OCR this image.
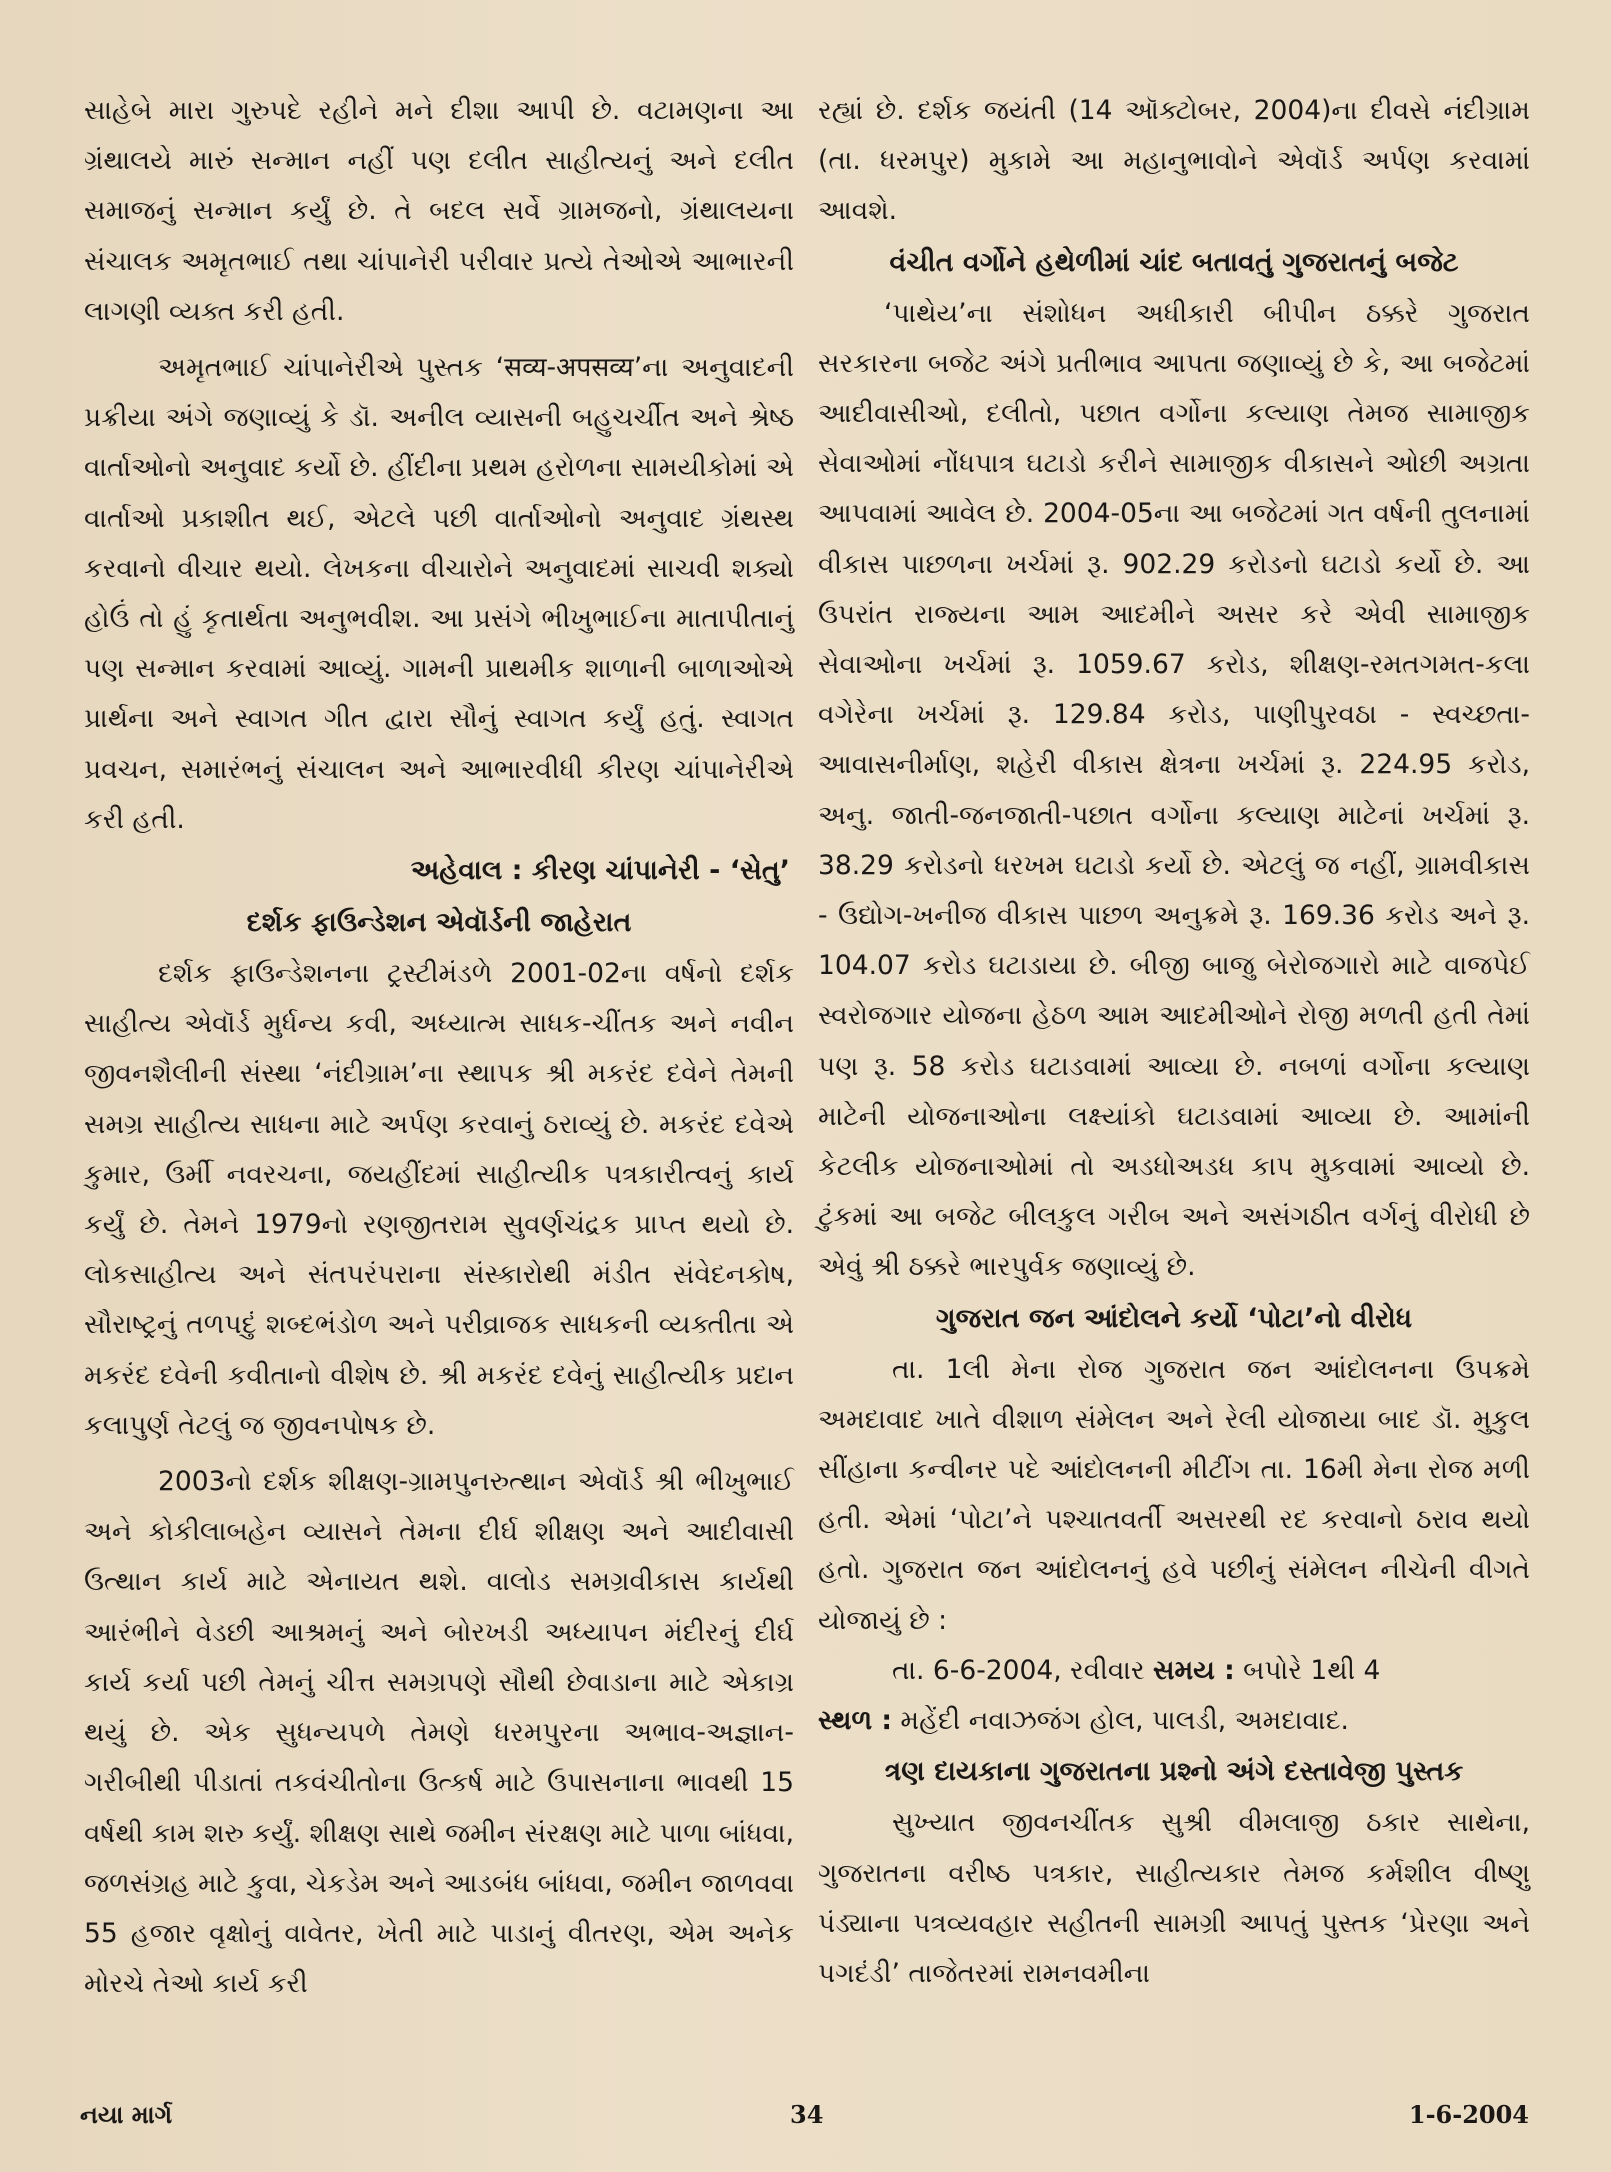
સાહેબે મારા ગુરુપદે રહીને મને દીશા આપી છે. વટામણના આ ગ્રંથાલયે મારું સન્માન નહીં પણ દલીત સાહીત્યનું અને દલીત સમાજનું સન્માન કર્યું છે. તે બદલ સર્વે ગ્રામજનો, ગ્રંથાલયના સંચાલક અમૃતભાઈ તથા ચાંપાનેરી પરીવાર પ્રત્યે તેઓએ આભારની લાગણી વ્યક્ત કરી હતી.

અમૃતભાઈ ચાંપાનેરીએ પુસ્તક ‘सव्य-अपसव्य’ના અનુવાદની પ્રક્રીયા અંગે જણાવ્યું કે ડૉ. અનીલ વ્યાસની બહુચર્ચીત અને શ્રેષ્ઠ વાર્તાઓનો અનુવાદ કર્યો છે. હીંદીના પ્રથમ હરોળના સામયીકોમાં એ વાર્તાઓ પ્રકાશીત થઈ, એટલે પછી વાર્તાઓનો અનુવાદ ગ્રંથસ્થ કરવાનો વીચાર થયો. લેખકના વીચારોને અનુવાદમાં સાચવી શક્યો હોઉં તો હું કૃતાર્થતા અનુભવીશ. આ પ્રસંગે ભીખુભાઈના માતાપીતાનું પણ સન્માન કરવામાં આવ્યું. ગામની પ્રાથમીક શાળાની બાળાઓએ પ્રાર્થના અને સ્વાગત ગીત દ્વારા સૌનું સ્વાગત કર્યું હતું. સ્વાગત પ્રવચન, સમારંભનું સંચાલન અને આભારવીધી કીરણ ચાંપાનેરીએ કરી હતી.

અહેવાલ : કીરણ ચાંપાનેરી - ‘સેતુ’
દર્શક ફાઉન્ડેશન એવૉર્ડની જાહેરાત

દર્શક ફાઉન્ડેશનના ટ્રસ્ટીમંડળે 2001-02ના વર્ષનો દર્શક સાહીત્ય એવૉર્ડ મુર્ધન્ય કવી, અધ્યાત્મ સાધક-ચીંતક અને નવીન જીવનશૈલીની સંસ્થા ‘નંદીગ્રામ’ના સ્થાપક શ્રી મકરંદ દવેને તેમની સમગ્ર સાહીત્ય સાધના માટે અર્પણ કરવાનું ઠરાવ્યું છે. મકરંદ દવેએ કુમાર, ઉર્મી નવરચના, જયહીંદમાં સાહીત્યીક પત્રકારીત્વનું કાર્ય કર્યું છે. તેમને 1979નો રણજીતરામ સુવર્ણચંદ્રક પ્રાપ્ત થયો છે. લોકસાહીત્ય અને સંતપરંપરાના સંસ્કારોથી મંડીત સંવેદનકોષ, સૌરાષ્ટ્રનું તળપદું શબ્દભંડોળ અને પરીવ્રાજક સાધકની વ્યક્તીતા એ મકરંદ દવેની કવીતાનો વીશેષ છે. શ્રી મકરંદ દવેનું સાહીત્યીક પ્રદાન કલાપુર્ણ તેટલું જ જીવનપોષક છે.

2003નો દર્શક શીક્ષણ-ગ્રામપુનરુત્થાન એવૉર્ડ શ્રી ભીખુભાઈ અને કોકીલાબહેન વ્યાસને તેમના દીર્ઘ શીક્ષણ અને આદીવાસી ઉત્થાન કાર્ય માટે એનાયત થશે. વાલોડ સમગ્રવીકાસ કાર્યથી આરંભીને વેડછી આશ્રમનું અને બોરખડી અધ્યાપન મંદીરનું દીર્ઘ કાર્ય કર્યા પછી તેમનું ચીત્ત સમગ્રપણે સૌથી છેવાડાના માટે એકાગ્ર થયું છે. એક સુધન્યપળે તેમણે ધરમપુરના અભાવ-અજ્ઞાન-ગરીબીથી પીડાતાં તકવંચીતોના ઉત્કર્ષ માટે ઉપાસનાના ભાવથી 15 વર્ષથી કામ શરુ કર્યું. શીક્ષણ સાથે જમીન સંરક્ષણ માટે પાળા બાંધવા, જળસંગ્રહ માટે કુવા, ચેકડેમ અને આડબંધ બાંધવા, જમીન જાળવવા 55 હજાર વૃક્ષોનું વાવેતર, ખેતી માટે પાડાનું વીતરણ, એમ અનેક મોરચે તેઓ કાર્ય કરી

રહ્યાં છે. દર્શક જયંતી (14 ઑક્ટોબર, 2004)ના દીવસે નંદીગ્રામ (તા. ધરમપુર) મુકામે આ મહાનુભાવોને એવૉર્ડ અર્પણ કરવામાં આવશે.

વંચીત વર્ગોને હથેળીમાં ચાંદ બતાવતું ગુજરાતનું બજેટ

‘પાથેય’ના સંશોધન અધીકારી બીપીન ઠક્કરે ગુજરાત સરકારના બજેટ અંગે પ્રતીભાવ આપતા જણાવ્યું છે કે, આ બજેટમાં આદીવાસીઓ, દલીતો, પછાત વર્ગોના કલ્યાણ તેમજ સામાજીક સેવાઓમાં નોંધપાત્ર ઘટાડો કરીને સામાજીક વીકાસને ઓછી અગ્રતા આપવામાં આવેલ છે. 2004-05ના આ બજેટમાં ગત વર્ષની તુલનામાં વીકાસ પાછળના ખર્ચમાં રૂ. 902.29 કરોડનો ઘટાડો કર્યો છે. આ ઉપરાંત રાજ્યના આમ આદમીને અસર કરે એવી સામાજીક સેવાઓના ખર્ચમાં રૂ. 1059.67 કરોડ, શીક્ષણ-રમતગમત-કલા વગેરેના ખર્ચમાં રૂ. 129.84 કરોડ, પાણીપુરવઠા - સ્વચ્છતા-આવાસનીર્માણ, શહેરી વીકાસ ક્ષેત્રના ખર્ચમાં રૂ. 224.95 કરોડ, અનુ. જાતી-જનજાતી-પછાત વર્ગોના કલ્યાણ માટેનાં ખર્ચમાં રૂ. 38.29 કરોડનો ધરખમ ઘટાડો કર્યો છે. એટલું જ નહીં, ગ્રામવીકાસ - ઉદ્યોગ-ખનીજ વીકાસ પાછળ અનુક્રમે રૂ. 169.36 કરોડ અને રૂ. 104.07 કરોડ ઘટાડાયા છે. બીજી બાજુ બેરોજગારો માટે વાજપેઈ સ્વરોજગાર યોજના હેઠળ આમ આદમીઓને રોજી મળતી હતી તેમાં પણ રૂ. 58 કરોડ ઘટાડવામાં આવ્યા છે. નબળાં વર્ગોના કલ્યાણ માટેની યોજનાઓના લક્ષ્યાંકો ઘટાડવામાં આવ્યા છે. આમાંની કેટલીક યોજનાઓમાં તો અડધોઅડધ કાપ મુકવામાં આવ્યો છે. ટુંકમાં આ બજેટ બીલકુલ ગરીબ અને અસંગઠીત વર્ગનું વીરોધી છે એવું શ્રી ઠક્કરે ભારપુર્વક જણાવ્યું છે.

ગુજરાત જન આંદોલને કર્યો ‘પોટા’નો વીરોધ

તા. 1લી મેના રોજ ગુજરાત જન આંદોલનના ઉપક્રમે અમદાવાદ ખાતે વીશાળ સંમેલન અને રેલી યોજાયા બાદ ડૉ. મુકુલ સીંહાના કન્વીનર પદે આંદોલનની મીટીંગ તા. 16મી મેના રોજ મળી હતી. એમાં ‘પોટા’ને પશ્ચાતવર્તી અસરથી રદ કરવાનો ઠરાવ થયો હતો. ગુજરાત જન આંદોલનનું હવે પછીનું સંમેલન નીચેની વીગતે યોજાયું છે :

તા. 6-6-2004, રવીવાર સમય : બપોરે 1થી 4

સ્થળ : મહેંદી નવાઝજંગ હોલ, પાલડી, અમદાવાદ.

ત્રણ દાયકાના ગુજરાતના પ્રશ્નો અંગે દસ્તાવેજી પુસ્તક

સુખ્યાત જીવનચીંતક સુશ્રી વીમલાજી ઠકાર સાથેના, ગુજરાતના વરીષ્ઠ પત્રકાર, સાહીત્યકાર તેમજ કર્મશીલ વીષ્ણુ પંડ્યાના પત્રવ્યવહાર સહીતની સામગ્રી આપતું પુસ્તક ‘પ્રેરણા અને પગદંડી’ તાજેતરમાં રામનવમીના

નયા માર્ગ	34	1-6-2004
